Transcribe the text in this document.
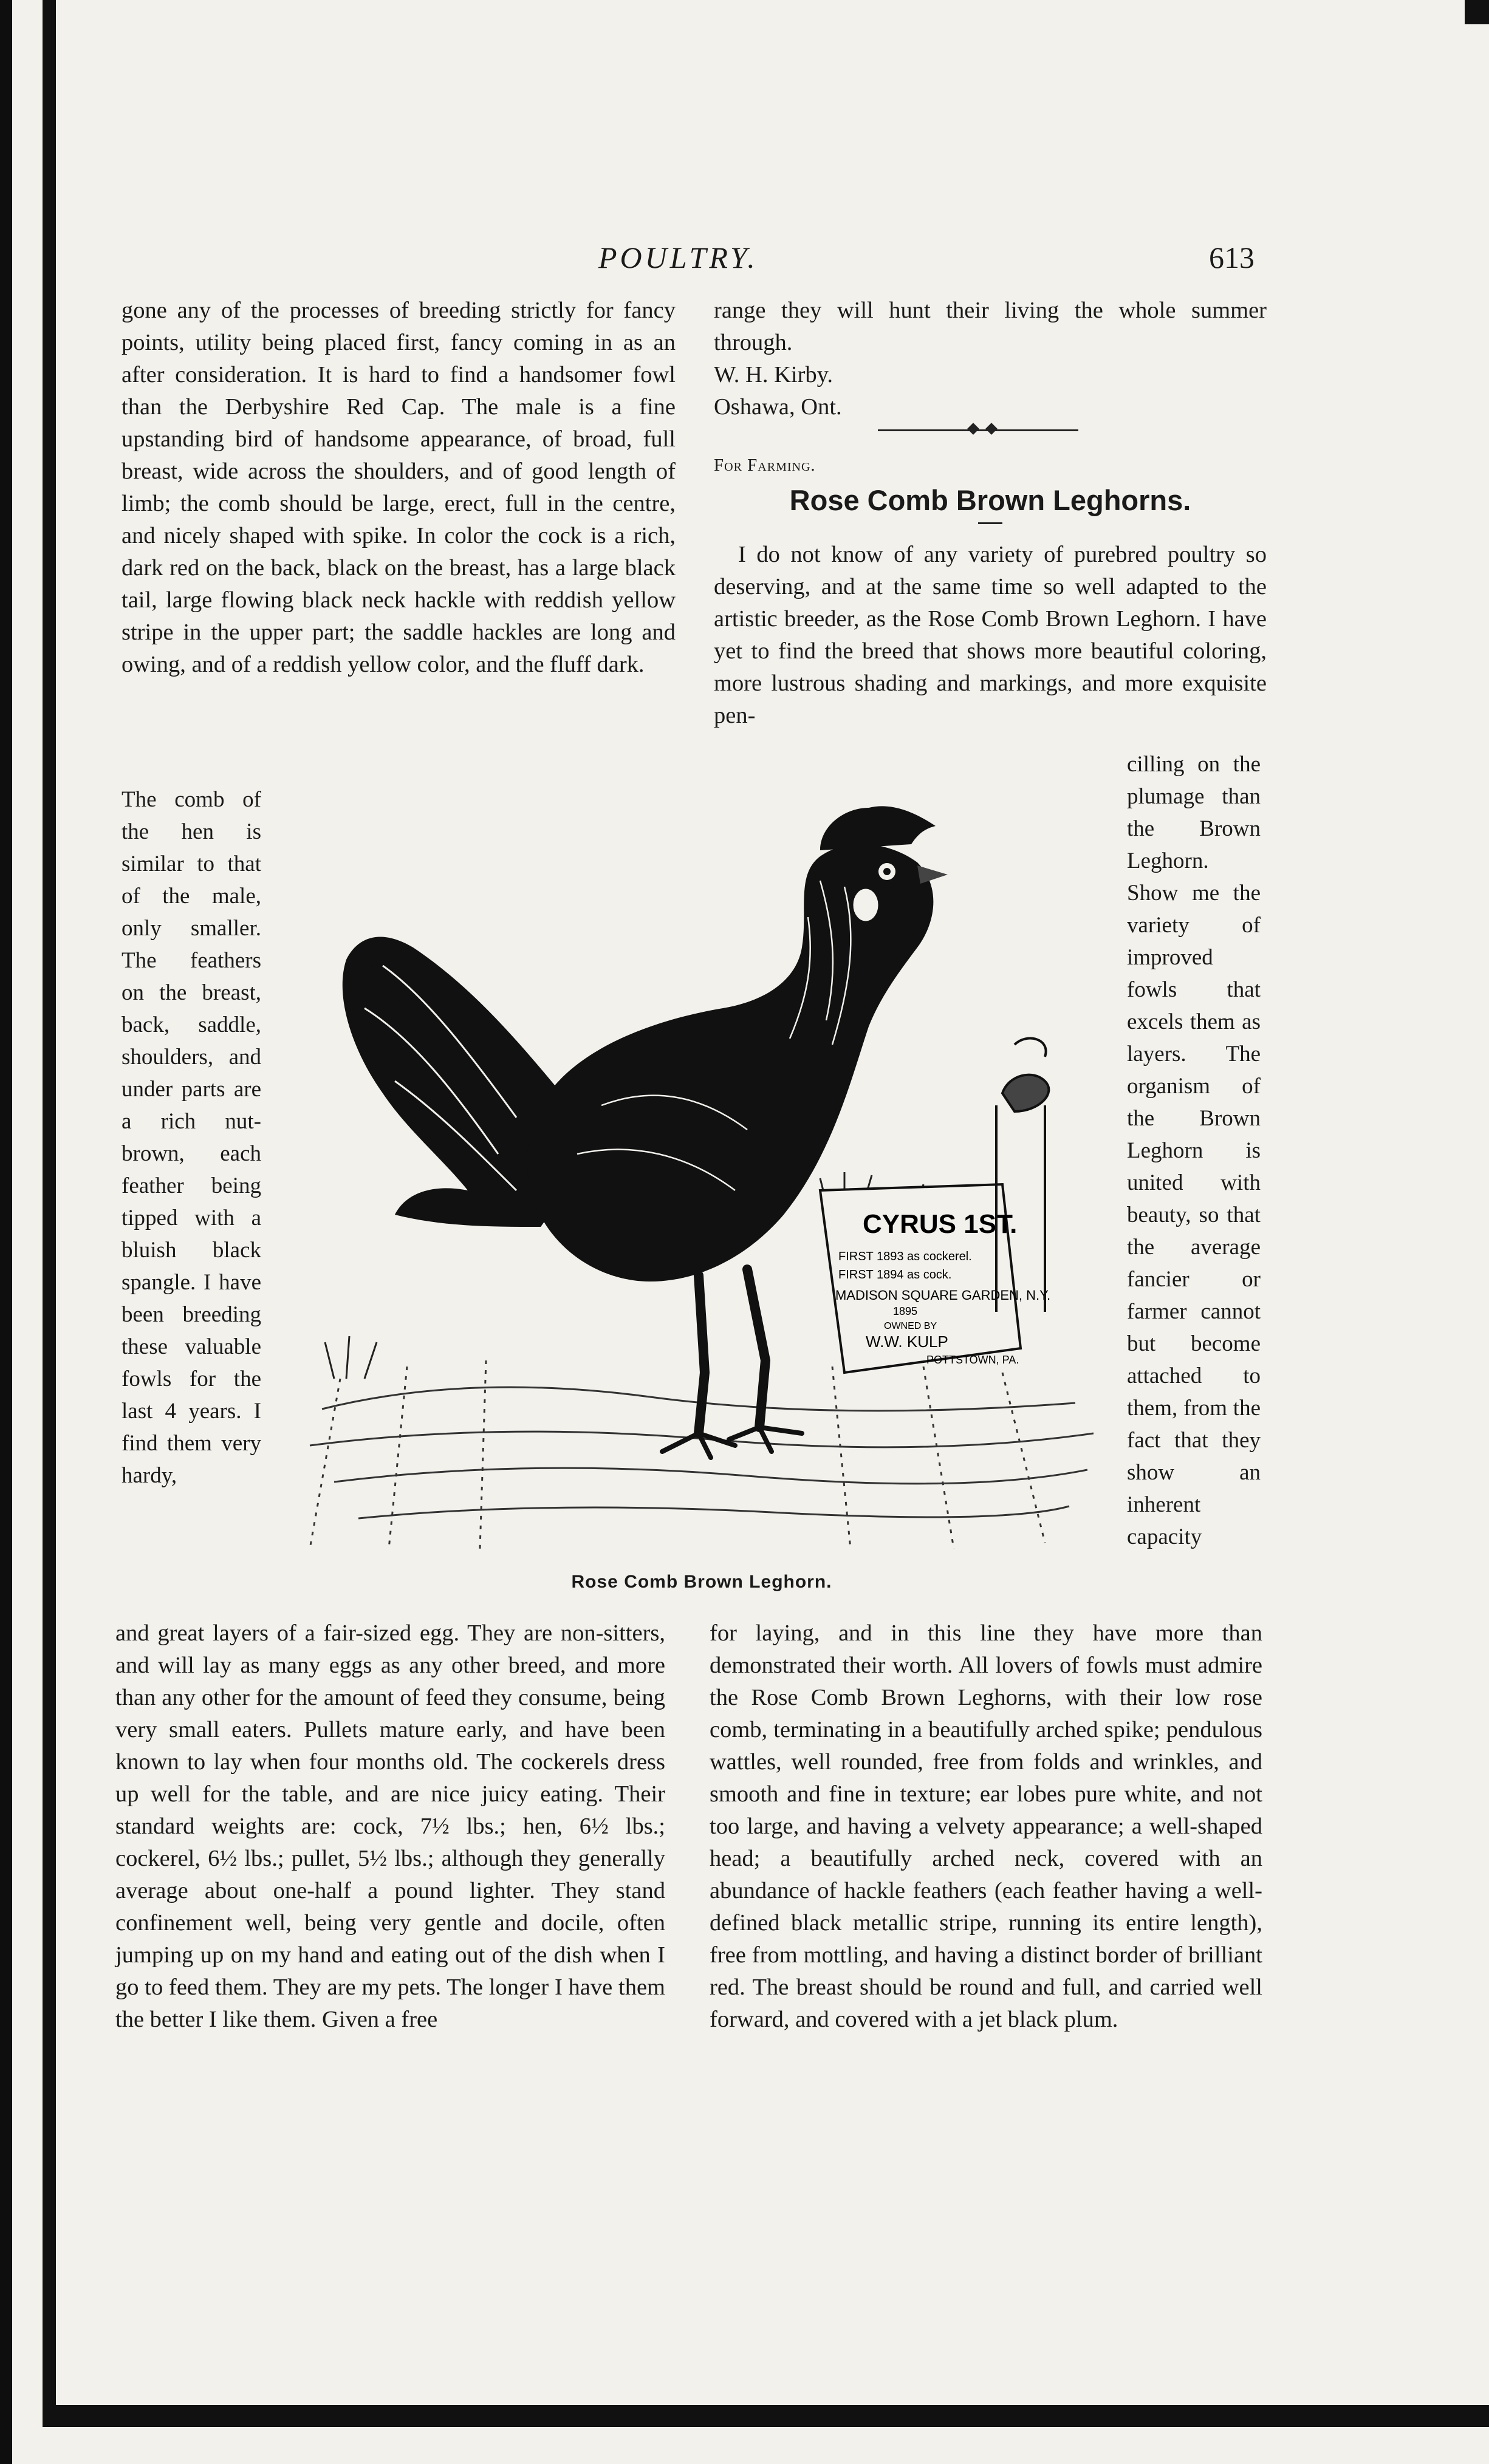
POULTRY.	613

gone any of the processes of breeding strictly for fancy points, utility being placed first, fancy coming in as an after consideration. It is hard to find a handsomer fowl than the Derbyshire Red Cap. The male is a fine upstanding bird of handsome appearance, of broad, full breast, wide across the shoulders, and of good length of limb; the comb should be large, erect, full in the centre, and nicely shaped with spike. In color the cock is a rich, dark red on the back, black on the breast, has a large black tail, large flowing black neck hackle with reddish yellow stripe in the upper part; the saddle hackles are long and owing, and of a reddish yellow color, and the fluff dark.

The comb of the hen is similar to that of the male, only smaller. The feathers on the breast, back, saddle, shoulders, and under parts are a rich nut-brown, each feather being tipped with a bluish black spangle. I have been breeding these valuable fowls for the last 4 years. I find them very hardy,

and great layers of a fair-sized egg. They are non-sitters, and will lay as many eggs as any other breed, and more than any other for the amount of feed they consume, being very small eaters. Pullets mature early, and have been known to lay when four months old. The cockerels dress up well for the table, and are nice juicy eating. Their standard weights are: cock, 7½ lbs.; hen, 6½ lbs.; cockerel, 6½ lbs.; pullet, 5½ lbs.; although they generally average about one-half a pound lighter. They stand confinement well, being very gentle and docile, often jumping up on my hand and eating out of the dish when I go to feed them. They are my pets. The longer I have them the better I like them. Given a free

range they will hunt their living the whole summer through.

W. H. Kirby.

Oshawa, Ont.

For Farming.
Rose Comb Brown Leghorns.

I do not know of any variety of purebred poultry so deserving, and at the same time so well adapted to the artistic breeder, as the Rose Comb Brown Leghorn. I have yet to find the breed that shows more beautiful coloring, more lustrous shading and markings, and more exquisite pen-

cilling on the plumage than the Brown Leghorn. Show me the variety of improved fowls that excels them as layers. The organism of the Brown Leghorn is united with beauty, so that the average fancier or farmer cannot but become attached to them, from the fact that they show an inherent capacity

for laying, and in this line they have more than demonstrated their worth. All lovers of fowls must admire the Rose Comb Brown Leghorns, with their low rose comb, terminating in a beautifully arched spike; pendulous wattles, well rounded, free from folds and wrinkles, and smooth and fine in texture; ear lobes pure white, and not too large, and having a velvety appearance; a well-shaped head; a beautifully arched neck, covered with an abundance of hackle feathers (each feather having a well-defined black metallic stripe, running its entire length), free from mottling, and having a distinct border of brilliant red. The breast should be round and full, and carried well forward, and covered with a jet black plum.

CYRUS 1ST.
FIRST 1893 as cockerel.
FIRST 1894 as cock.
MADISON SQUARE GARDEN, N.Y.
1895
OWNED BY
W.W. KULP
POTTSTOWN, PA.
Rose Comb Brown Leghorn.
